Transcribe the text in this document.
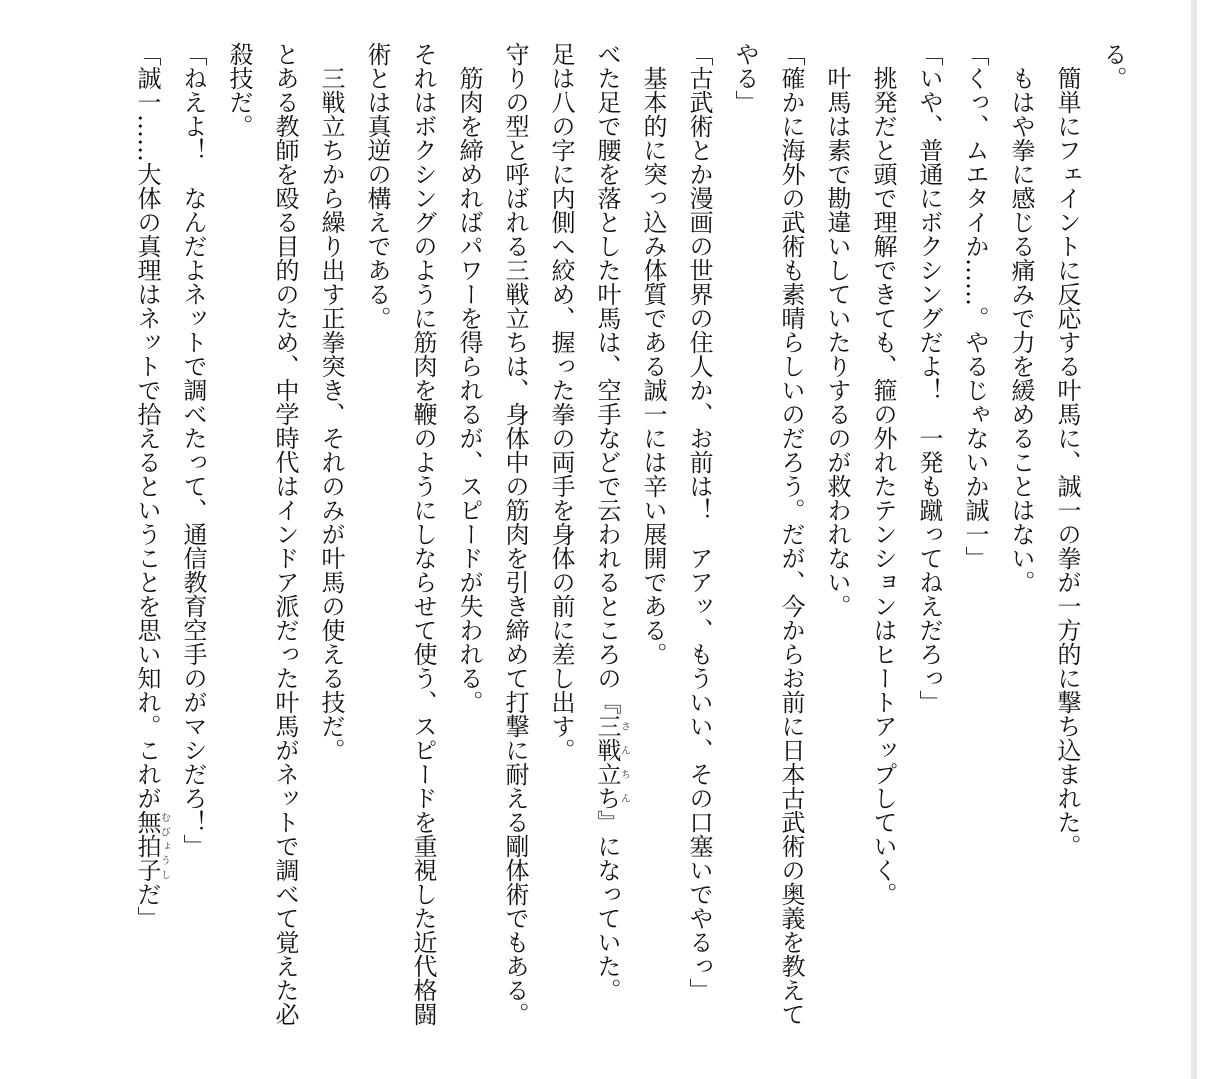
る。

簡単にフェイントに反応する叶馬に、誠一の拳が一方的に撃ち込まれた。

もはや拳に感じる痛みで力を緩めることはない。

「くっ、ムエタイか……。やるじゃないか誠一」

「いや、普通にボクシングだよ！　一発も蹴ってねえだろっ」

挑発だと頭で理解できても、箍の外れたテンションはヒートアップしていく。

叶馬は素で勘違いしていたりするのが救われない。

「確かに海外の武術も素晴らしいのだろう。だが、今からお前に日本古武術の奥義を教えてやる」

「古武術とか漫画の世界の住人か、お前は！　アアッ、もういい、その口塞いでやるっ」

基本的に突っ込み体質である誠一には辛い展開である。

べた足で腰を落とした叶馬は、空手などで云われるところの『三戦立ちさんちん』になっていた。

足は八の字に内側へ絞め、握った拳の両手を身体の前に差し出す。

守りの型と呼ばれる三戦立ちは、身体中の筋肉を引き締めて打撃に耐える剛体術でもある。

筋肉を締めればパワーを得られるが、スピードが失われる。

それはボクシングのように筋肉を鞭のようにしならせて使う、スピードを重視した近代格闘術とは真逆の構えである。

三戦立ちから繰り出す正拳突き、それのみが叶馬の使える技だ。

とある教師を殴る目的のため、中学時代はインドア派だった叶馬がネットで調べて覚えた必殺技だ。

「ねえよ！　なんだよネットで調べたって、通信教育空手のがマシだろ！」

「誠一……大体の真理はネットで拾えるということを思い知れ。これが無拍子むびょうしだ」
